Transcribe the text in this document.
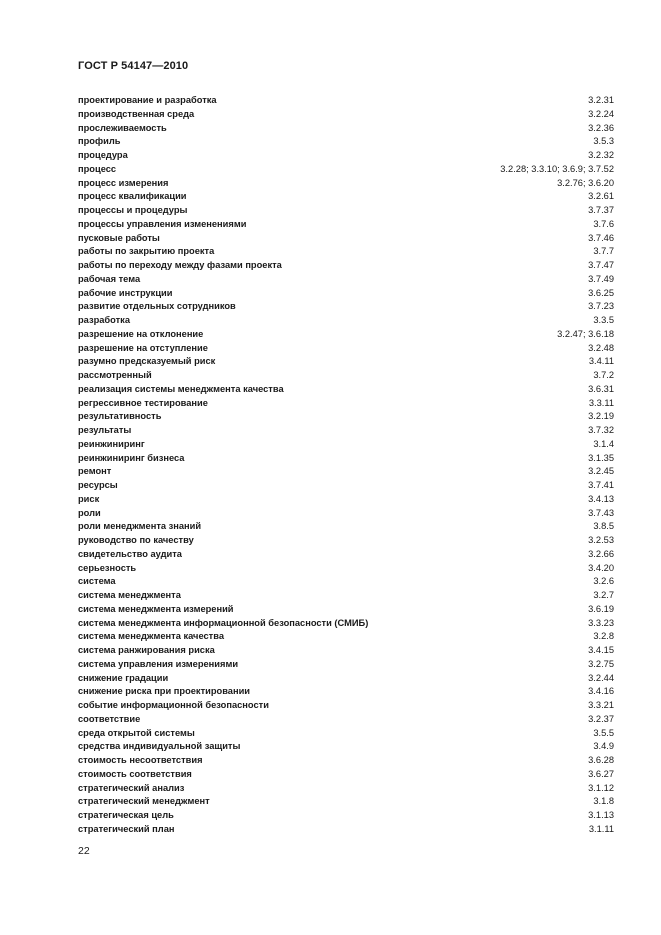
ГОСТ Р 54147—2010
проектирование и разработка	3.2.31
производственная среда	3.2.24
прослеживаемость	3.2.36
профиль	3.5.3
процедура	3.2.32
процесс	3.2.28; 3.3.10; 3.6.9; 3.7.52
процесс измерения	3.2.76; 3.6.20
процесс квалификации	3.2.61
процессы и процедуры	3.7.37
процессы управления изменениями	3.7.6
пусковые работы	3.7.46
работы по закрытию проекта	3.7.7
работы по переходу между фазами проекта	3.7.47
рабочая тема	3.7.49
рабочие инструкции	3.6.25
развитие отдельных сотрудников	3.7.23
разработка	3.3.5
разрешение на отклонение	3.2.47; 3.6.18
разрешение на отступление	3.2.48
разумно предсказуемый риск	3.4.11
рассмотренный	3.7.2
реализация системы менеджмента качества	3.6.31
регрессивное тестирование	3.3.11
результативность	3.2.19
результаты	3.7.32
реинжиниринг	3.1.4
реинжиниринг бизнеса	3.1.35
ремонт	3.2.45
ресурсы	3.7.41
риск	3.4.13
роли	3.7.43
роли менеджмента знаний	3.8.5
руководство по качеству	3.2.53
свидетельство аудита	3.2.66
серьезность	3.4.20
система	3.2.6
система менеджмента	3.2.7
система менеджмента измерений	3.6.19
система менеджмента информационной безопасности (СМИБ)	3.3.23
система менеджмента качества	3.2.8
система ранжирования риска	3.4.15
система управления измерениями	3.2.75
снижение градации	3.2.44
снижение риска при проектировании	3.4.16
событие информационной безопасности	3.3.21
соответствие	3.2.37
среда открытой системы	3.5.5
средства индивидуальной защиты	3.4.9
стоимость несоответствия	3.6.28
стоимость соответствия	3.6.27
стратегический анализ	3.1.12
стратегический менеджмент	3.1.8
стратегическая цель	3.1.13
стратегический план	3.1.11
22
